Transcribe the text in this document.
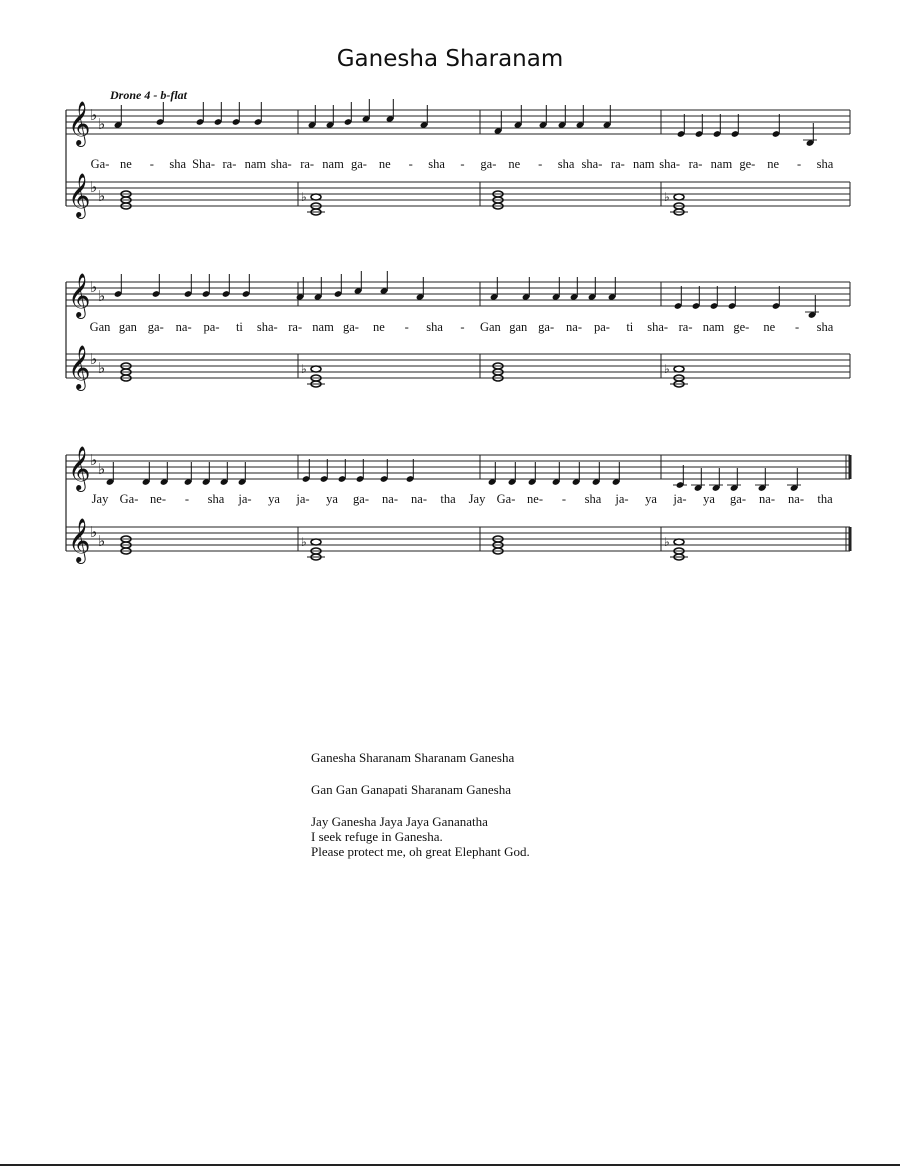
Ganesha Sharanam
𝄞 ♭ ♭
𝄞 ♭ ♭	♭	♭
Ga- ne - sha Sha- ra- nam sha- ra- nam ga- ne - sha - ga- ne - sha sha- ra- nam sha- ra- nam ge- ne - sha
𝄞 ♭ ♭
𝄞 ♭ ♭	♭	♭
Gan gan ga- na- pa- ti sha- ra- nam ga- ne - sha - Gan gan ga- na- pa- ti sha- ra- nam ge- ne - sha
𝄞 ♭ ♭
𝄞 ♭ ♭	♭	♭
Jay Ga- ne- - sha ja- ya ja- ya ga- na- na- tha Jay Ga- ne- - sha ja- ya ja- ya ga- na- na- tha
Drone 4 - b-flat

Ganesha Sharanam Sharanam Ganesha

Gan Gan Ganapati Sharanam Ganesha

Jay Ganesha Jaya Jaya Gananatha

I seek refuge in Ganesha.

Please protect me, oh great Elephant God.
